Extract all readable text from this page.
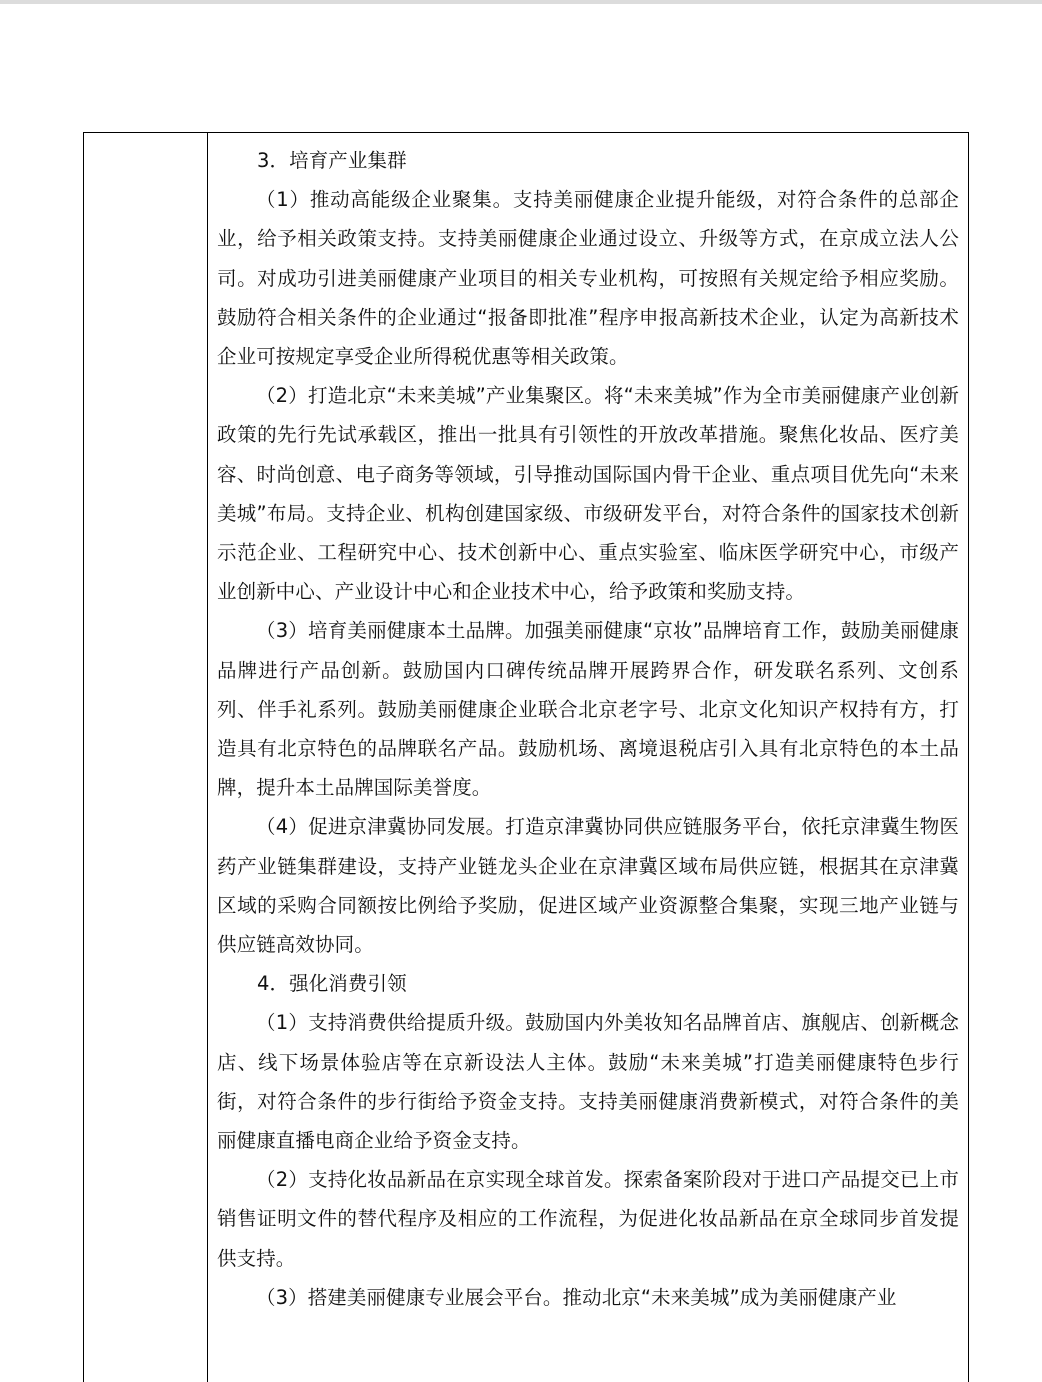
3．培育产业集群

（1）推动高能级企业聚集。支持美丽健康企业提升能级，对符合条件的总部企业，给予相关政策支持。支持美丽健康企业通过设立、升级等方式，在京成立法人公司。对成功引进美丽健康产业项目的相关专业机构，可按照有关规定给予相应奖励。鼓励符合相关条件的企业通过“报备即批准”程序申报高新技术企业，认定为高新技术企业可按规定享受企业所得税优惠等相关政策。

（2）打造北京“未来美城”产业集聚区。将“未来美城”作为全市美丽健康产业创新政策的先行先试承载区，推出一批具有引领性的开放改革措施。聚焦化妆品、医疗美容、时尚创意、电子商务等领域，引导推动国际国内骨干企业、重点项目优先向“未来美城”布局。支持企业、机构创建国家级、市级研发平台，对符合条件的国家技术创新示范企业、工程研究中心、技术创新中心、重点实验室、临床医学研究中心，市级产业创新中心、产业设计中心和企业技术中心，给予政策和奖励支持。

（3）培育美丽健康本土品牌。加强美丽健康“京妆”品牌培育工作，鼓励美丽健康品牌进行产品创新。鼓励国内口碑传统品牌开展跨界合作，研发联名系列、文创系列、伴手礼系列。鼓励美丽健康企业联合北京老字号、北京文化知识产权持有方，打造具有北京特色的品牌联名产品。鼓励机场、离境退税店引入具有北京特色的本土品牌，提升本土品牌国际美誉度。

（4）促进京津冀协同发展。打造京津冀协同供应链服务平台，依托京津冀生物医药产业链集群建设，支持产业链龙头企业在京津冀区域布局供应链，根据其在京津冀区域的采购合同额按比例给予奖励，促进区域产业资源整合集聚，实现三地产业链与供应链高效协同。

4．强化消费引领

（1）支持消费供给提质升级。鼓励国内外美妆知名品牌首店、旗舰店、创新概念店、线下场景体验店等在京新设法人主体。鼓励“未来美城”打造美丽健康特色步行街，对符合条件的步行街给予资金支持。支持美丽健康消费新模式，对符合条件的美丽健康直播电商企业给予资金支持。

（2）支持化妆品新品在京实现全球首发。探索备案阶段对于进口产品提交已上市销售证明文件的替代程序及相应的工作流程，为促进化妆品新品在京全球同步首发提供支持。

（3）搭建美丽健康专业展会平台。推动北京“未来美城”成为美丽健康产业
